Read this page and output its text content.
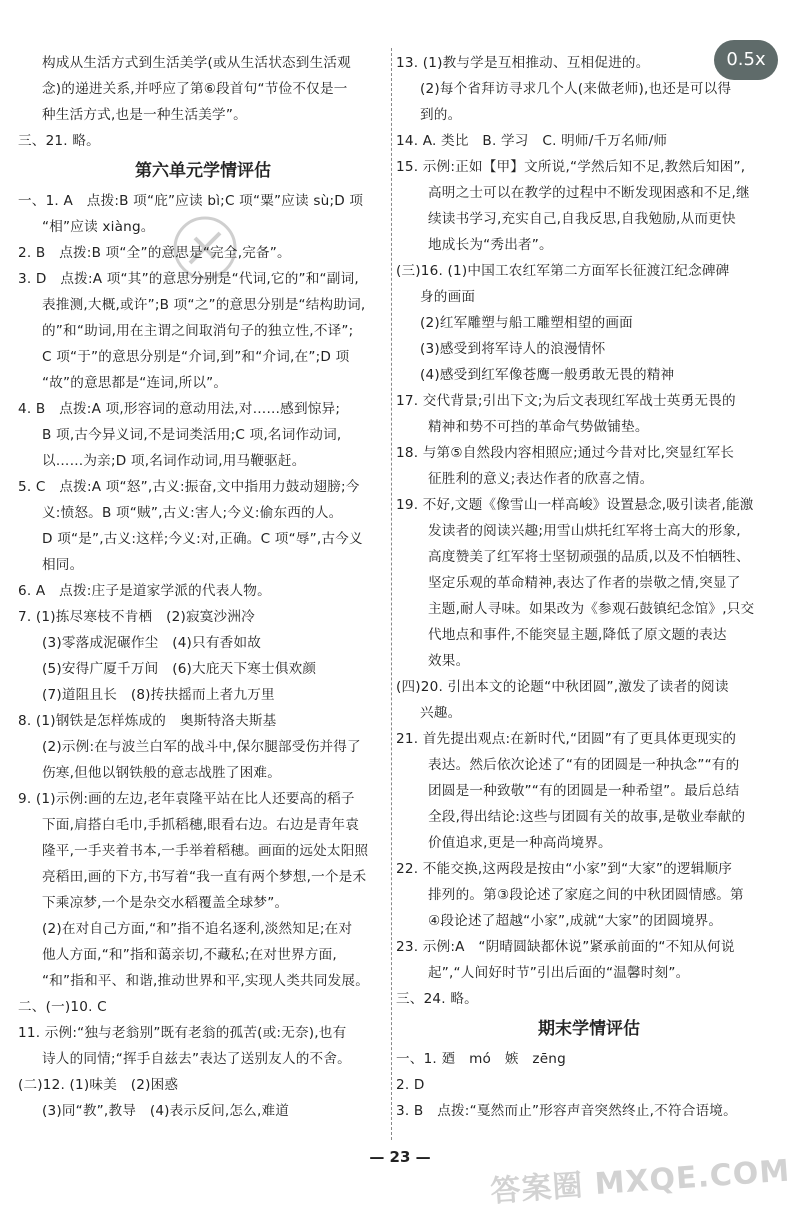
0.5x
构成从生活方式到生活美学(或从生活状态到生活观
念)的递进关系,并呼应了第⑥段首句“节俭不仅是一
种生活方式,也是一种生活美学”。
三、21. 略。
第六单元学情评估
一、1. A　点拨:B 项“庇”应读 bì;C 项“粟”应读 sù;D 项
“相”应读 xiàng。
2. B　点拨:B 项“全”的意思是“完全,完备”。
3. D　点拨:A 项“其”的意思分别是“代词,它的”和“副词,
表推测,大概,或许”;B 项“之”的意思分别是“结构助词,
的”和“助词,用在主谓之间取消句子的独立性,不译”;
C 项“于”的意思分别是“介词,到”和“介词,在”;D 项
“故”的意思都是“连词,所以”。
4. B　点拨:A 项,形容词的意动用法,对……感到惊异;
B 项,古今异义词,不是词类活用;C 项,名词作动词,
以……为亲;D 项,名词作动词,用马鞭驱赶。
5. C　点拨:A 项“怒”,古义:振奋,文中指用力鼓动翅膀;今
义:愤怒。B 项“贼”,古义:害人;今义:偷东西的人。
D 项“是”,古义:这样;今义:对,正确。C 项“辱”,古今义
相同。
6. A　点拨:庄子是道家学派的代表人物。
7. (1)拣尽寒枝不肯栖　(2)寂寞沙洲冷
(3)零落成泥碾作尘　(4)只有香如故
(5)安得广厦千万间　(6)大庇天下寒士俱欢颜
(7)道阻且长　(8)抟扶摇而上者九万里
8. (1)钢铁是怎样炼成的　奥斯特洛夫斯基
(2)示例:在与波兰白军的战斗中,保尔腿部受伤并得了
伤寒,但他以钢铁般的意志战胜了困难。
9. (1)示例:画的左边,老年袁隆平站在比人还要高的稻子
下面,肩搭白毛巾,手抓稻穗,眼看右边。右边是青年袁
隆平,一手夹着书本,一手举着稻穗。画面的远处太阳照
亮稻田,画的下方,书写着“我一直有两个梦想,一个是禾
下乘凉梦,一个是杂交水稻覆盖全球梦”。
(2)在对自己方面,“和”指不追名逐利,淡然知足;在对
他人方面,“和”指和蔼亲切,不藏私;在对世界方面,
“和”指和平、和谐,推动世界和平,实现人类共同发展。
二、(一)10. C
11. 示例:“独与老翁别”既有老翁的孤苦(或:无奈),也有
诗人的同情;“挥手自兹去”表达了送别友人的不舍。
(二)12. (1)味美　(2)困惑
(3)同“教”,教导　(4)表示反问,怎么,难道
13. (1)教与学是互相推动、互相促进的。
(2)每个省拜访寻求几个人(来做老师),也还是可以得
到的。
14. A. 类比　B. 学习　C. 明师/千万名师/师
15. 示例:正如【甲】文所说,“学然后知不足,教然后知困”,
高明之士可以在教学的过程中不断发现困惑和不足,继
续读书学习,充实自己,自我反思,自我勉励,从而更快
地成长为“秀出者”。
(三)16. (1)中国工农红军第二方面军长征渡江纪念碑碑
身的画面
(2)红军雕塑与船工雕塑相望的画面
(3)感受到将军诗人的浪漫情怀
(4)感受到红军像苍鹰一般勇敢无畏的精神
17. 交代背景;引出下文;为后文表现红军战士英勇无畏的
精神和势不可挡的革命气势做铺垫。
18. 与第⑤自然段内容相照应;通过今昔对比,突显红军长
征胜利的意义;表达作者的欣喜之情。
19. 不好,文题《像雪山一样高峻》设置悬念,吸引读者,能激
发读者的阅读兴趣;用雪山烘托红军将士高大的形象,
高度赞美了红军将士坚韧顽强的品质,以及不怕牺牲、
坚定乐观的革命精神,表达了作者的崇敬之情,突显了
主题,耐人寻味。如果改为《参观石鼓镇纪念馆》,只交
代地点和事件,不能突显主题,降低了原文题的表达
效果。
(四)20. 引出本文的论题“中秋团圆”,激发了读者的阅读
兴趣。
21. 首先提出观点:在新时代,“团圆”有了更具体更现实的
表达。然后依次论述了“有的团圆是一种执念”“有的
团圆是一种致敬”“有的团圆是一种希望”。最后总结
全段,得出结论:这些与团圆有关的故事,是敬业奉献的
价值追求,更是一种高尚境界。
22. 不能交换,这两段是按由“小家”到“大家”的逻辑顺序
排列的。第③段论述了家庭之间的中秋团圆情感。第
④段论述了超越“小家”,成就“大家”的团圆境界。
23. 示例:A　“阴晴圆缺都休说”紧承前面的“不知从何说
起”,“人间好时节”引出后面的“温馨时刻”。
三、24. 略。
期末学情评估
一、1. 廼　mó　嫉　zēng
2. D
3. B　点拨:“戛然而止”形容声音突然终止,不符合语境。
— 23 —	答案圈 MXQE.COM
